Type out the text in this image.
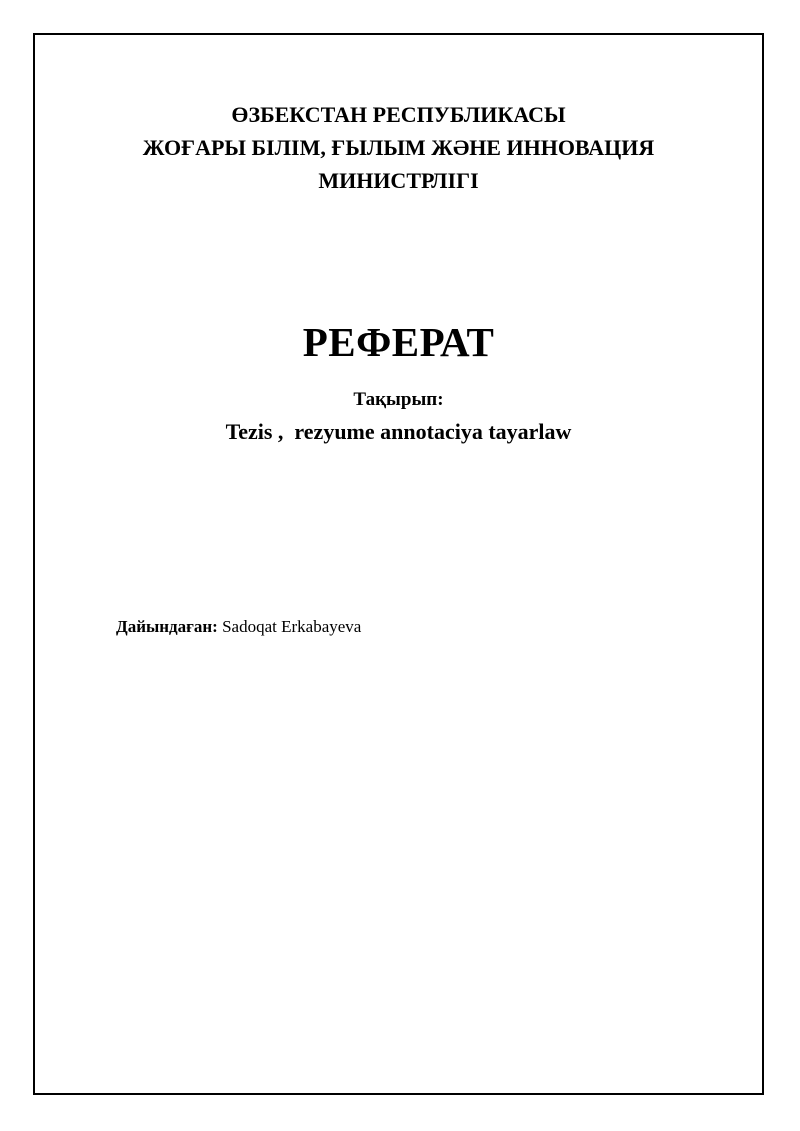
ӨЗБЕКСТАН РЕСПУБЛИКАСЫ
ЖОҒАРЫ БІЛІМ, ҒЫЛЫМ ЖӘНЕ ИННОВАЦИЯ
МИНИСТРЛІГІ
РЕФЕРАТ
Тақырып:
Tezis ,  rezyume annotaciya tayarlaw
Дайындаған: Sadoqat Erkabayeva
